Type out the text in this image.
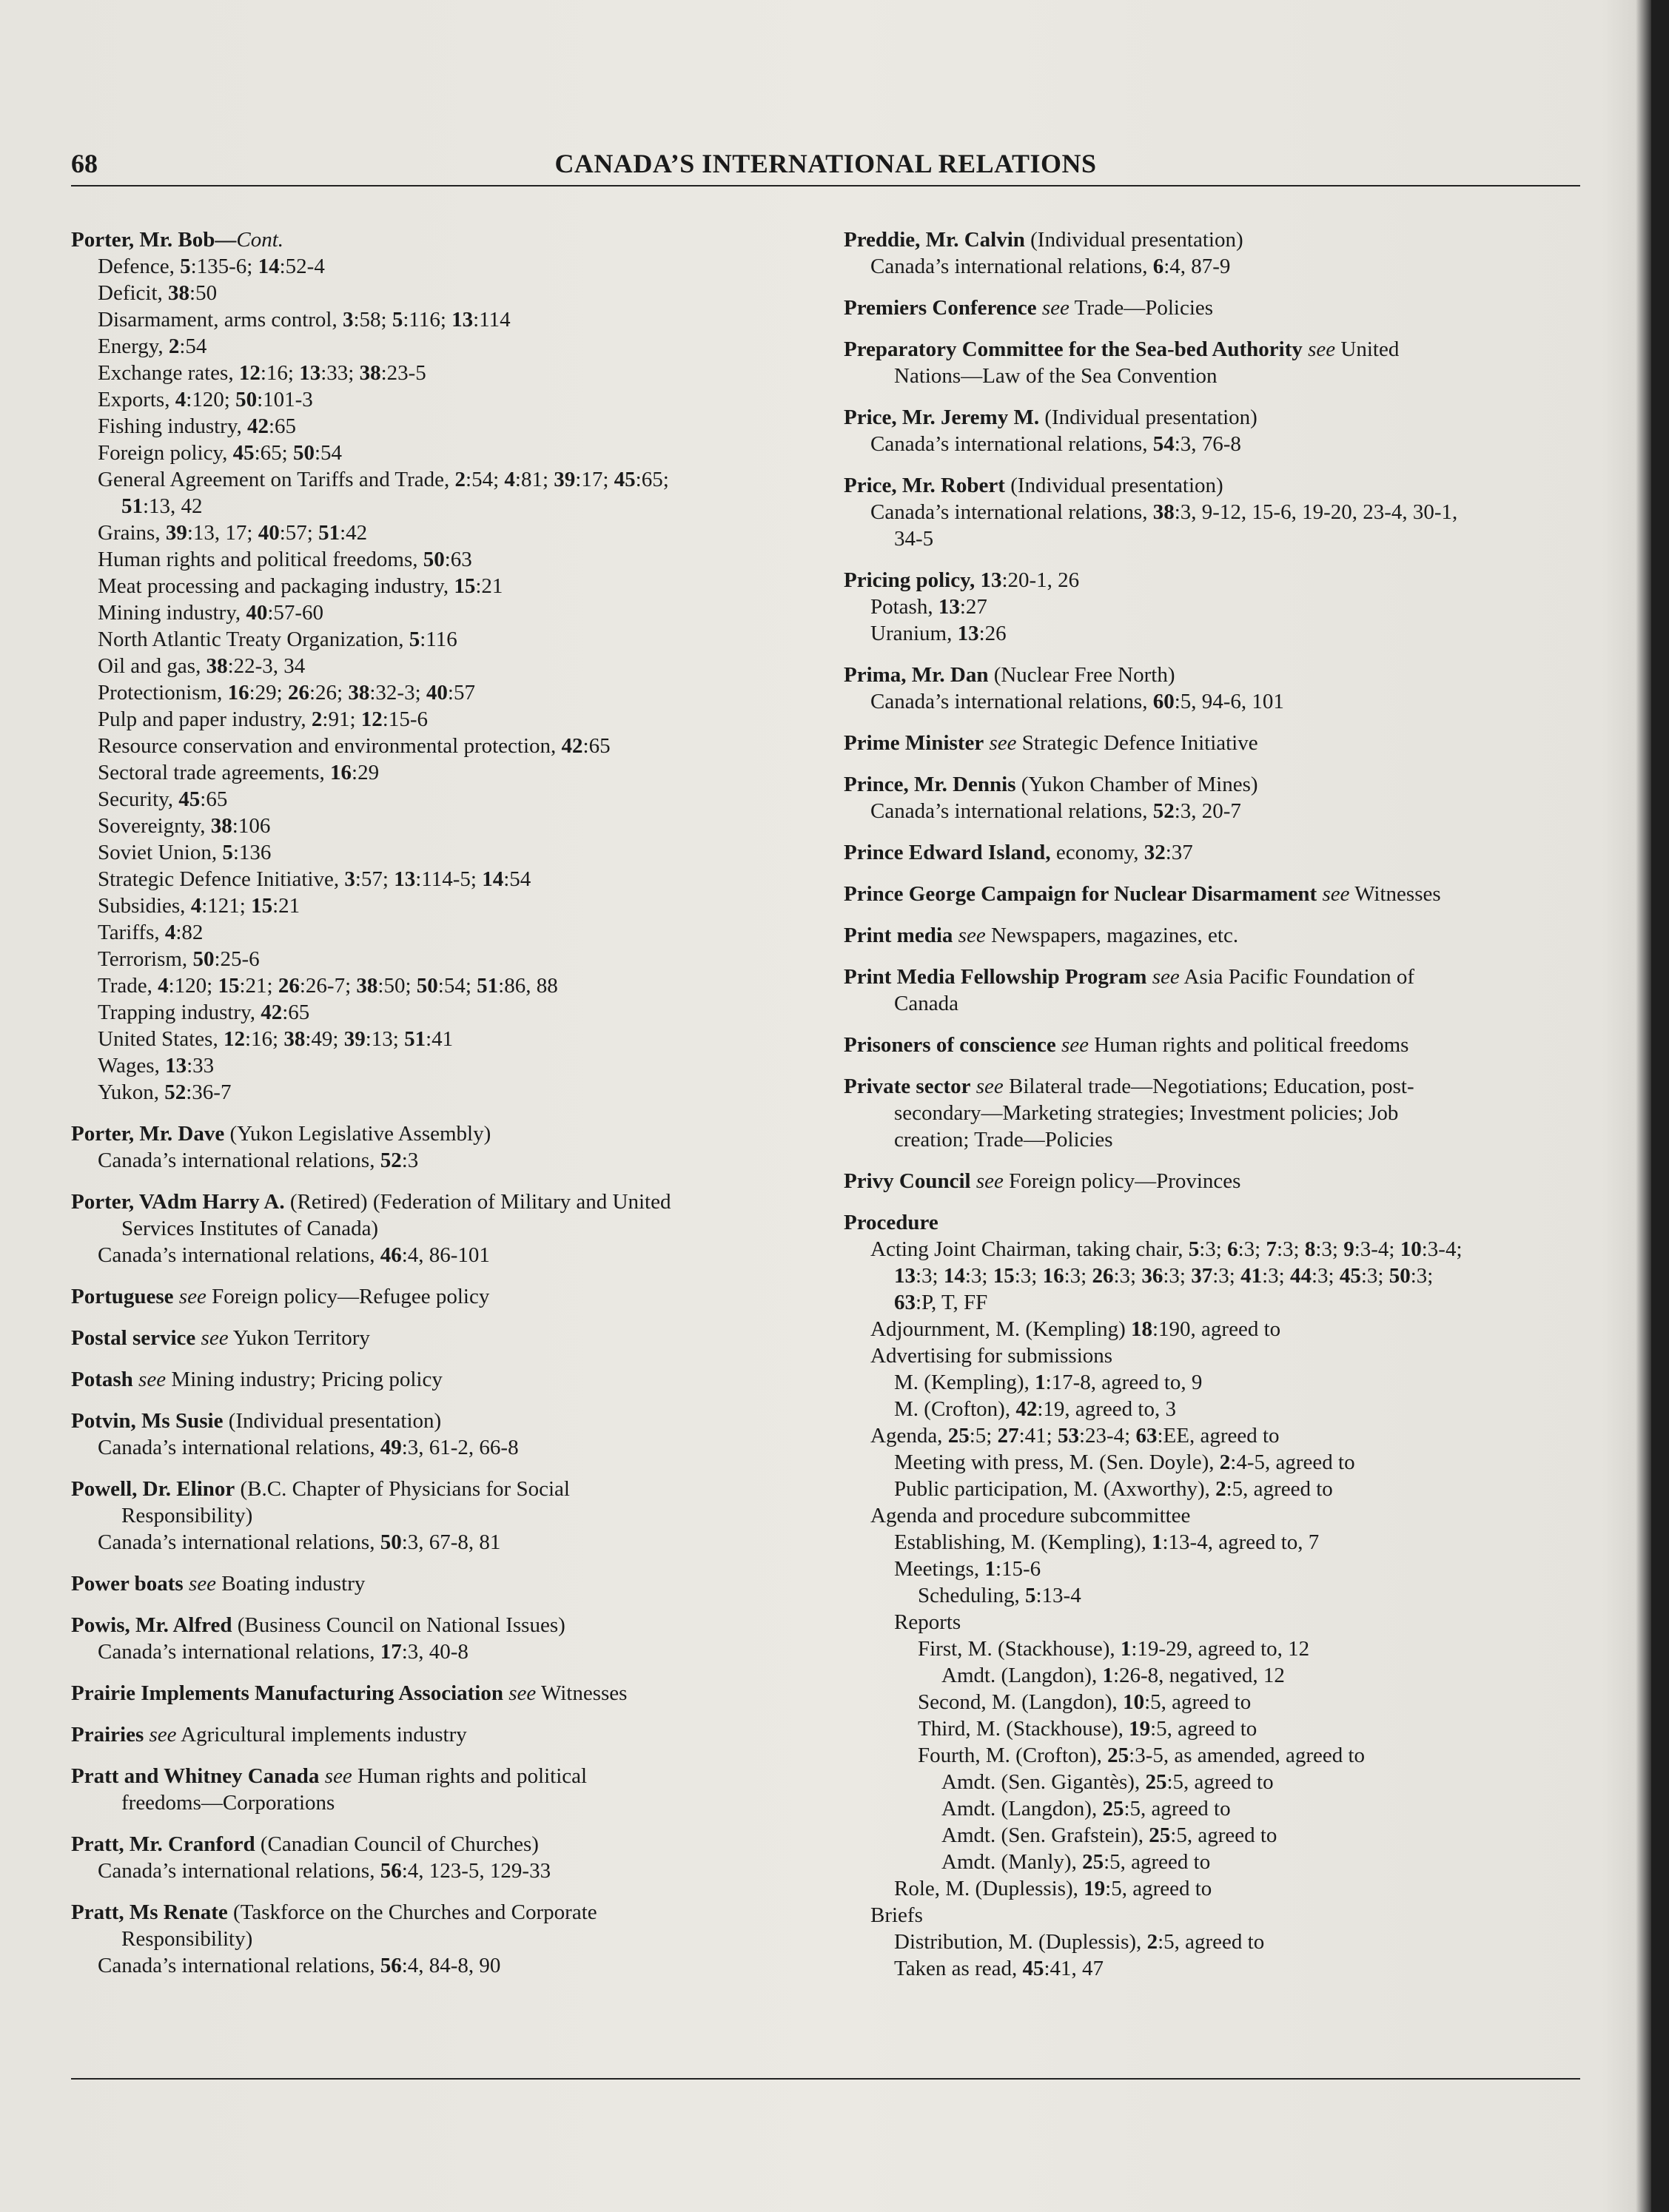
68	CANADA’S INTERNATIONAL RELATIONS
Porter, Mr. Bob—Cont.
Defence, 5:135-6; 14:52-4
Deficit, 38:50
Disarmament, arms control, 3:58; 5:116; 13:114
Energy, 2:54
Exchange rates, 12:16; 13:33; 38:23-5
Exports, 4:120; 50:101-3
Fishing industry, 42:65
Foreign policy, 45:65; 50:54
General Agreement on Tariffs and Trade, 2:54; 4:81; 39:17; 45:65;
51:13, 42
Grains, 39:13, 17; 40:57; 51:42
Human rights and political freedoms, 50:63
Meat processing and packaging industry, 15:21
Mining industry, 40:57-60
North Atlantic Treaty Organization, 5:116
Oil and gas, 38:22-3, 34
Protectionism, 16:29; 26:26; 38:32-3; 40:57
Pulp and paper industry, 2:91; 12:15-6
Resource conservation and environmental protection, 42:65
Sectoral trade agreements, 16:29
Security, 45:65
Sovereignty, 38:106
Soviet Union, 5:136
Strategic Defence Initiative, 3:57; 13:114-5; 14:54
Subsidies, 4:121; 15:21
Tariffs, 4:82
Terrorism, 50:25-6
Trade, 4:120; 15:21; 26:26-7; 38:50; 50:54; 51:86, 88
Trapping industry, 42:65
United States, 12:16; 38:49; 39:13; 51:41
Wages, 13:33
Yukon, 52:36-7
Porter, Mr. Dave (Yukon Legislative Assembly)
Canada’s international relations, 52:3
Porter, VAdm Harry A. (Retired) (Federation of Military and United
Services Institutes of Canada)
Canada’s international relations, 46:4, 86-101
Portuguese see Foreign policy—Refugee policy
Postal service see Yukon Territory
Potash see Mining industry; Pricing policy
Potvin, Ms Susie (Individual presentation)
Canada’s international relations, 49:3, 61-2, 66-8
Powell, Dr. Elinor (B.C. Chapter of Physicians for Social
Responsibility)
Canada’s international relations, 50:3, 67-8, 81
Power boats see Boating industry
Powis, Mr. Alfred (Business Council on National Issues)
Canada’s international relations, 17:3, 40-8
Prairie Implements Manufacturing Association see Witnesses
Prairies see Agricultural implements industry
Pratt and Whitney Canada see Human rights and political
freedoms—Corporations
Pratt, Mr. Cranford (Canadian Council of Churches)
Canada’s international relations, 56:4, 123-5, 129-33
Pratt, Ms Renate (Taskforce on the Churches and Corporate
Responsibility)
Canada’s international relations, 56:4, 84-8, 90
Preddie, Mr. Calvin (Individual presentation)
Canada’s international relations, 6:4, 87-9
Premiers Conference see Trade—Policies
Preparatory Committee for the Sea-bed Authority see United
Nations—Law of the Sea Convention
Price, Mr. Jeremy M. (Individual presentation)
Canada’s international relations, 54:3, 76-8
Price, Mr. Robert (Individual presentation)
Canada’s international relations, 38:3, 9-12, 15-6, 19-20, 23-4, 30-1,
34-5
Pricing policy, 13:20-1, 26
Potash, 13:27
Uranium, 13:26
Prima, Mr. Dan (Nuclear Free North)
Canada’s international relations, 60:5, 94-6, 101
Prime Minister see Strategic Defence Initiative
Prince, Mr. Dennis (Yukon Chamber of Mines)
Canada’s international relations, 52:3, 20-7
Prince Edward Island, economy, 32:37
Prince George Campaign for Nuclear Disarmament see Witnesses
Print media see Newspapers, magazines, etc.
Print Media Fellowship Program see Asia Pacific Foundation of
Canada
Prisoners of conscience see Human rights and political freedoms
Private sector see Bilateral trade—Negotiations; Education, post-
secondary—Marketing strategies; Investment policies; Job
creation; Trade—Policies
Privy Council see Foreign policy—Provinces
Procedure
Acting Joint Chairman, taking chair, 5:3; 6:3; 7:3; 8:3; 9:3-4; 10:3-4;
13:3; 14:3; 15:3; 16:3; 26:3; 36:3; 37:3; 41:3; 44:3; 45:3; 50:3;
63:P, T, FF
Adjournment, M. (Kempling) 18:190, agreed to
Advertising for submissions
M. (Kempling), 1:17-8, agreed to, 9
M. (Crofton), 42:19, agreed to, 3
Agenda, 25:5; 27:41; 53:23-4; 63:EE, agreed to
Meeting with press, M. (Sen. Doyle), 2:4-5, agreed to
Public participation, M. (Axworthy), 2:5, agreed to
Agenda and procedure subcommittee
Establishing, M. (Kempling), 1:13-4, agreed to, 7
Meetings, 1:15-6
Scheduling, 5:13-4
Reports
First, M. (Stackhouse), 1:19-29, agreed to, 12
Amdt. (Langdon), 1:26-8, negatived, 12
Second, M. (Langdon), 10:5, agreed to
Third, M. (Stackhouse), 19:5, agreed to
Fourth, M. (Crofton), 25:3-5, as amended, agreed to
Amdt. (Sen. Gigantès), 25:5, agreed to
Amdt. (Langdon), 25:5, agreed to
Amdt. (Sen. Grafstein), 25:5, agreed to
Amdt. (Manly), 25:5, agreed to
Role, M. (Duplessis), 19:5, agreed to
Briefs
Distribution, M. (Duplessis), 2:5, agreed to
Taken as read, 45:41, 47
